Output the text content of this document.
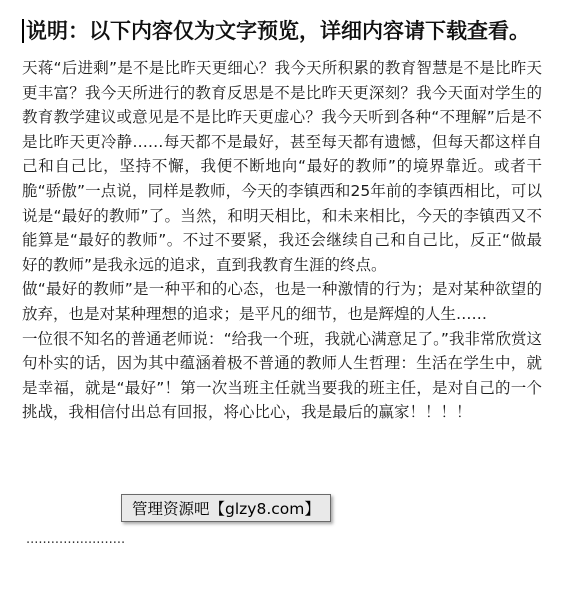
说明：以下内容仅为文字预览，详细内容请下载查看。

天蒋“后进剩”是不是比昨天更细心？我今天所积累的教育智慧是不是比昨天更丰富？我今天所进行的教育反思是不是比昨天更深刻？我今天面对学生的教育教学建议或意见是不是比昨天更虚心？我今天听到各种“不理解”后是不是比昨天更冷静……每天都不是最好，甚至每天都有遗憾，但每天都这样自己和自己比，坚持不懈，我便不断地向“最好的教师”的境界靠近。或者干脆“骄傲”一点说，同样是教师，今天的李镇西和25年前的李镇西相比，可以说是“最好的教师”了。当然，和明天相比，和未来相比，今天的李镇西又不能算是“最好的教师”。不过不要紧，我还会继续自己和自己比，反正“做最好的教师”是我永远的追求，直到我教育生涯的终点。

做“最好的教师”是一种平和的心态，也是一种激情的行为；是对某种欲望的放弃，也是对某种理想的追求；是平凡的细节，也是辉煌的人生……

一位很不知名的普通老师说：“给我一个班，我就心满意足了。”我非常欣赏这句朴实的话，因为其中蕴涵着极不普通的教师人生哲理：生活在学生中，就是幸福，就是“最好”！第一次当班主任就当要我的班主任，是对自己的一个挑战，我相信付出总有回报，将心比心，我是最后的赢家！！！！

························
管理资源吧【glzy8.com】
